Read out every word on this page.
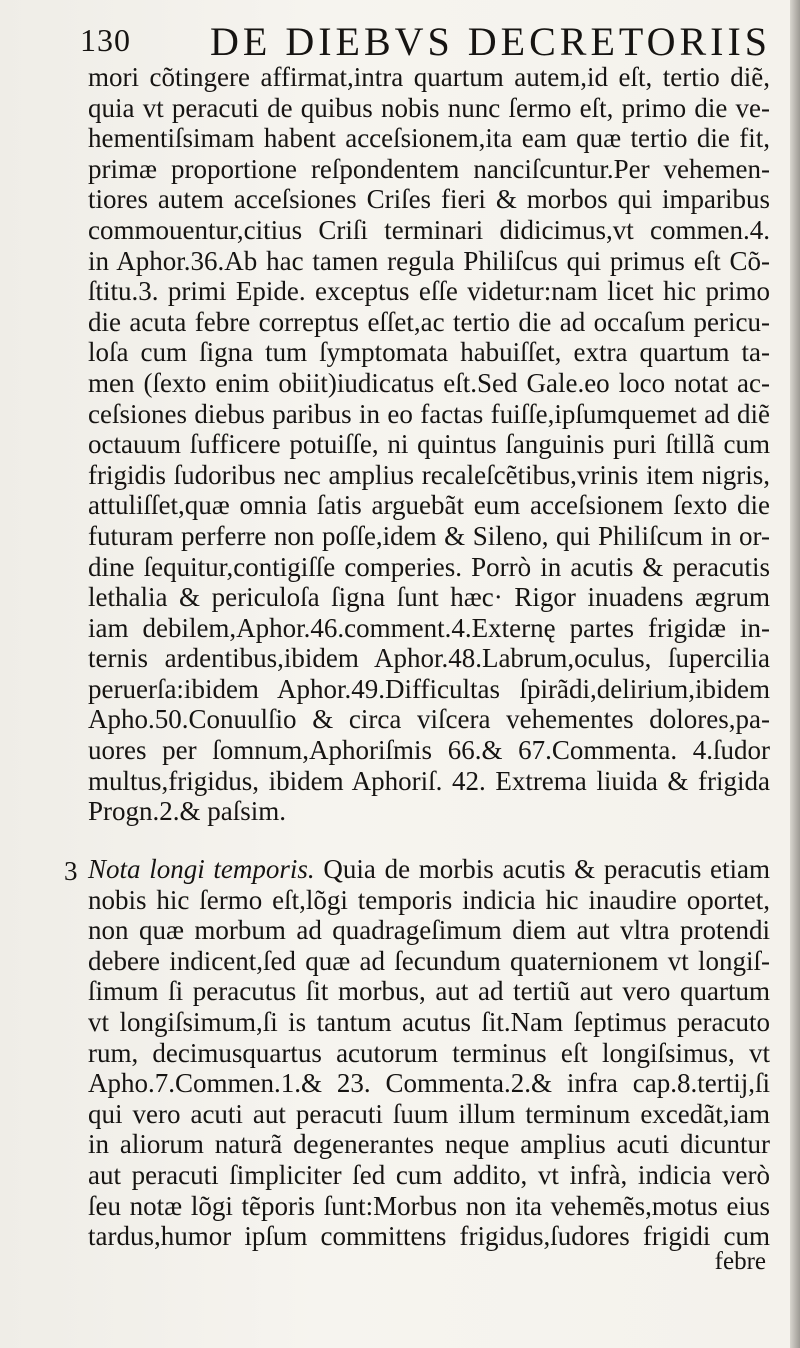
130 DE DIEBVS DECRETORIIS
mori cõtingere affirmat,intra quartum autem,id eſt, tertio diẽ,
quia vt peracuti de quibus nobis nunc ſermo eſt, primo die ve-
hementiſsimam habent acceſsionem,ita eam quæ tertio die fit,
primæ proportione reſpondentem nanciſcuntur.Per vehemen-
tiores autem acceſsiones Criſes fieri & morbos qui imparibus
commouentur,citius Criſi terminari didicimus,vt commen.4.
in Aphor.36.Ab hac tamen regula Philiſcus qui primus eſt Cõ-
ſtitu.3. primi Epide. exceptus eſſe videtur:nam licet hic primo
die acuta febre correptus eſſet,ac tertio die ad occaſum pericu-
loſa cum ſigna tum ſymptomata habuiſſet, extra quartum ta-
men (ſexto enim obiit)iudicatus eſt.Sed Gale.eo loco notat ac-
ceſsiones diebus paribus in eo factas fuiſſe,ipſumquemet ad diẽ
octauum ſufficere potuiſſe, ni quintus ſanguinis puri ſtillã cum
frigidis ſudoribus nec amplius recaleſcẽtibus,vrinis item nigris,
attuliſſet,quæ omnia ſatis arguebãt eum acceſsionem ſexto die
futuram perferre non poſſe,idem & Sileno, qui Philiſcum in or-
dine ſequitur,contigiſſe comperies. Porrò in acutis & peracutis
lethalia & periculoſa ſigna ſunt hæc· Rigor inuadens ægrum
iam debilem,Aphor.46.comment.4.Externę partes frigidæ in-
ternis ardentibus,ibidem Aphor.48.Labrum,oculus, ſupercilia
peruerſa:ibidem Aphor.49.Difficultas ſpirãdi,delirium,ibidem
Apho.50.Conuulſio & circa viſcera vehementes dolores,pa-
uores per ſomnum,Aphoriſmis 66.& 67.Commenta. 4.ſudor
multus,frigidus, ibidem Aphoriſ. 42. Extrema liuida & frigida
Progn.2.& paſsim.
3 Nota longi temporis. Quia de morbis acutis & peracutis etiam
nobis hic ſermo eſt,lõgi temporis indicia hic inaudire oportet,
non quæ morbum ad quadrageſimum diem aut vltra protendi
debere indicent,ſed quæ ad ſecundum quaternionem vt longiſ-
ſimum ſi peracutus ſit morbus, aut ad tertiũ aut vero quartum
vt longiſsimum,ſi is tantum acutus ſit.Nam ſeptimus peracuto
rum, decimusquartus acutorum terminus eſt longiſsimus, vt
Apho.7.Commen.1.& 23. Commenta.2.& infra cap.8.tertij,ſi
qui vero acuti aut peracuti ſuum illum terminum excedãt,iam
in aliorum naturã degenerantes neque amplius acuti dicuntur
aut peracuti ſimpliciter ſed cum addito, vt infrà, indicia verò
ſeu notæ lõgi tẽporis ſunt:Morbus non ita vehemẽs,motus eius
tardus,humor ipſum committens frigidus,ſudores frigidi cum
febre
